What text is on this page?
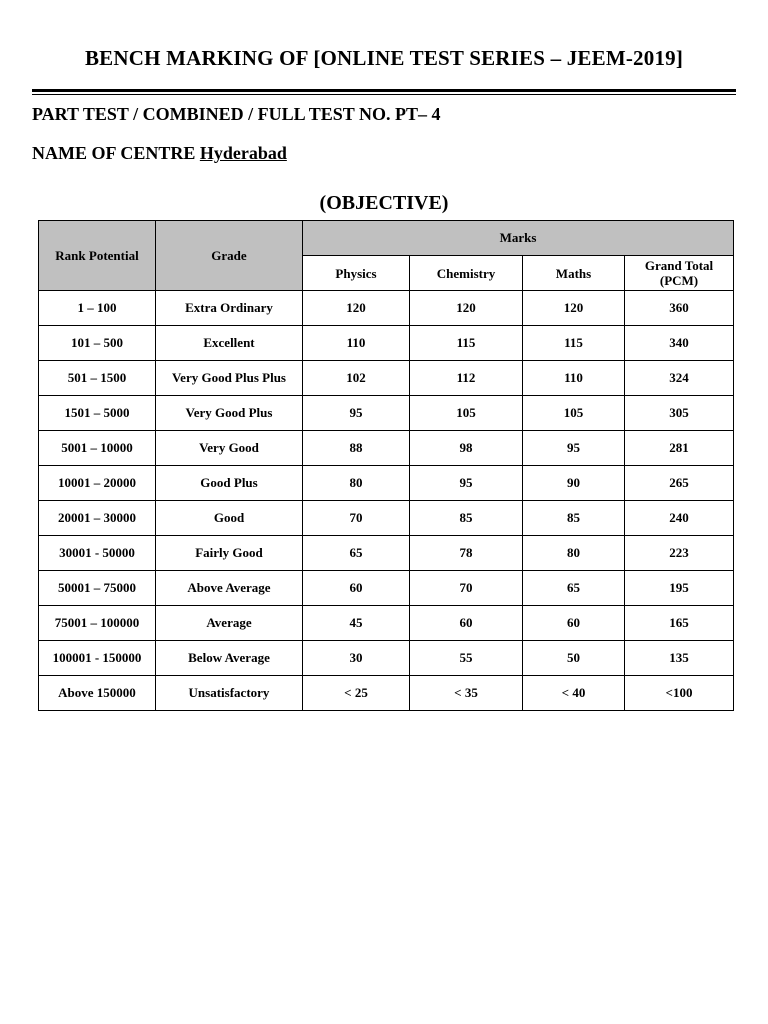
BENCH MARKING OF [ONLINE TEST SERIES – JEEM-2019]
PART TEST / COMBINED / FULL TEST NO. PT– 4
NAME OF CENTRE Hyderabad
(OBJECTIVE)
Rank Potential	Grade	Marks			
		Physics	Chemistry	Maths	Grand Total
(PCM)
1 – 100	Extra Ordinary	120	120	120	360
101 – 500	Excellent	110	115	115	340
501 – 1500	Very Good Plus Plus	102	112	110	324
1501 – 5000	Very Good Plus	95	105	105	305
5001 – 10000	Very Good	88	98	95	281
10001 – 20000	Good Plus	80	95	90	265
20001 – 30000	Good	70	85	85	240
30001 - 50000	Fairly Good	65	78	80	223
50001 – 75000	Above Average	60	70	65	195
75001 – 100000	Average	45	60	60	165
100001 - 150000	Below Average	30	55	50	135
Above 150000	Unsatisfactory	< 25	< 35	< 40	<100
